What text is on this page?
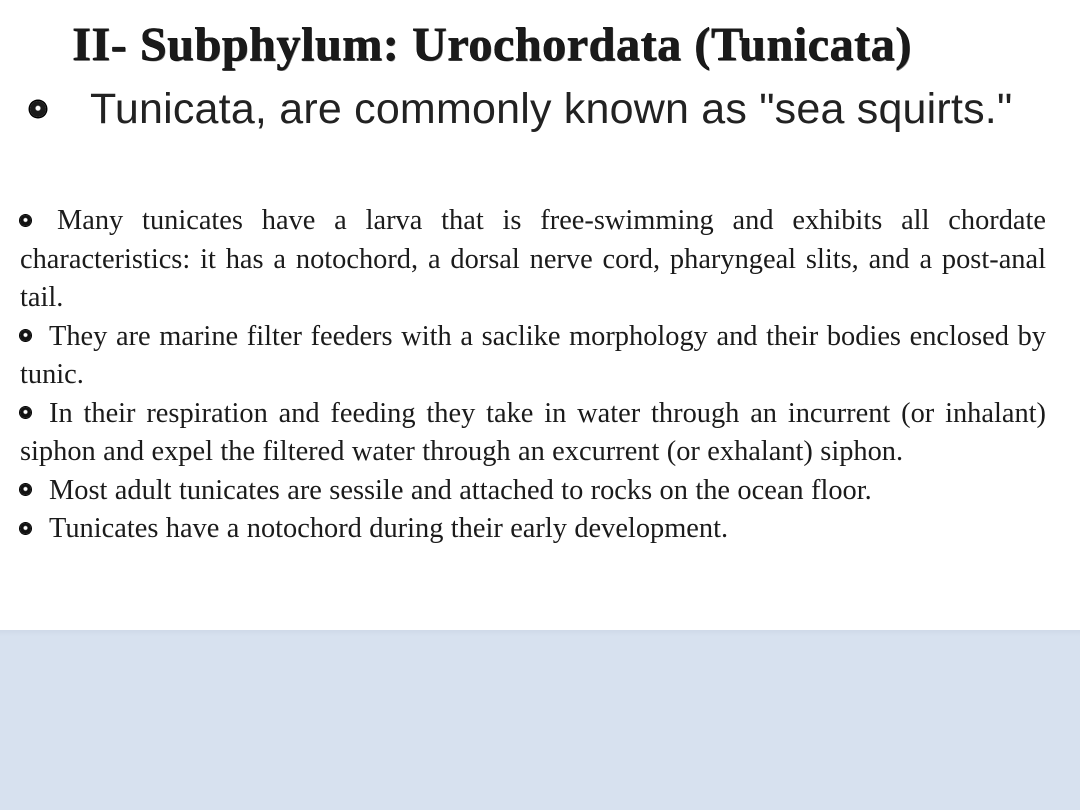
II- Subphylum: Urochordata (Tunicata)

Tunicata, are commonly known as "sea squirts."

Many tunicates have a larva that is free-swimming and exhibits all chordate characteristics: it has a notochord, a dorsal nerve cord, pharyngeal slits, and a post-anal tail.
They are marine filter feeders with a saclike morphology and their bodies enclosed by tunic.
In their respiration and feeding they take in water through an incurrent (or inhalant) siphon and expel the filtered water through an excurrent (or exhalant) siphon.
Most adult tunicates are sessile and attached to rocks on the ocean floor.
Tunicates have a notochord during their early development.
